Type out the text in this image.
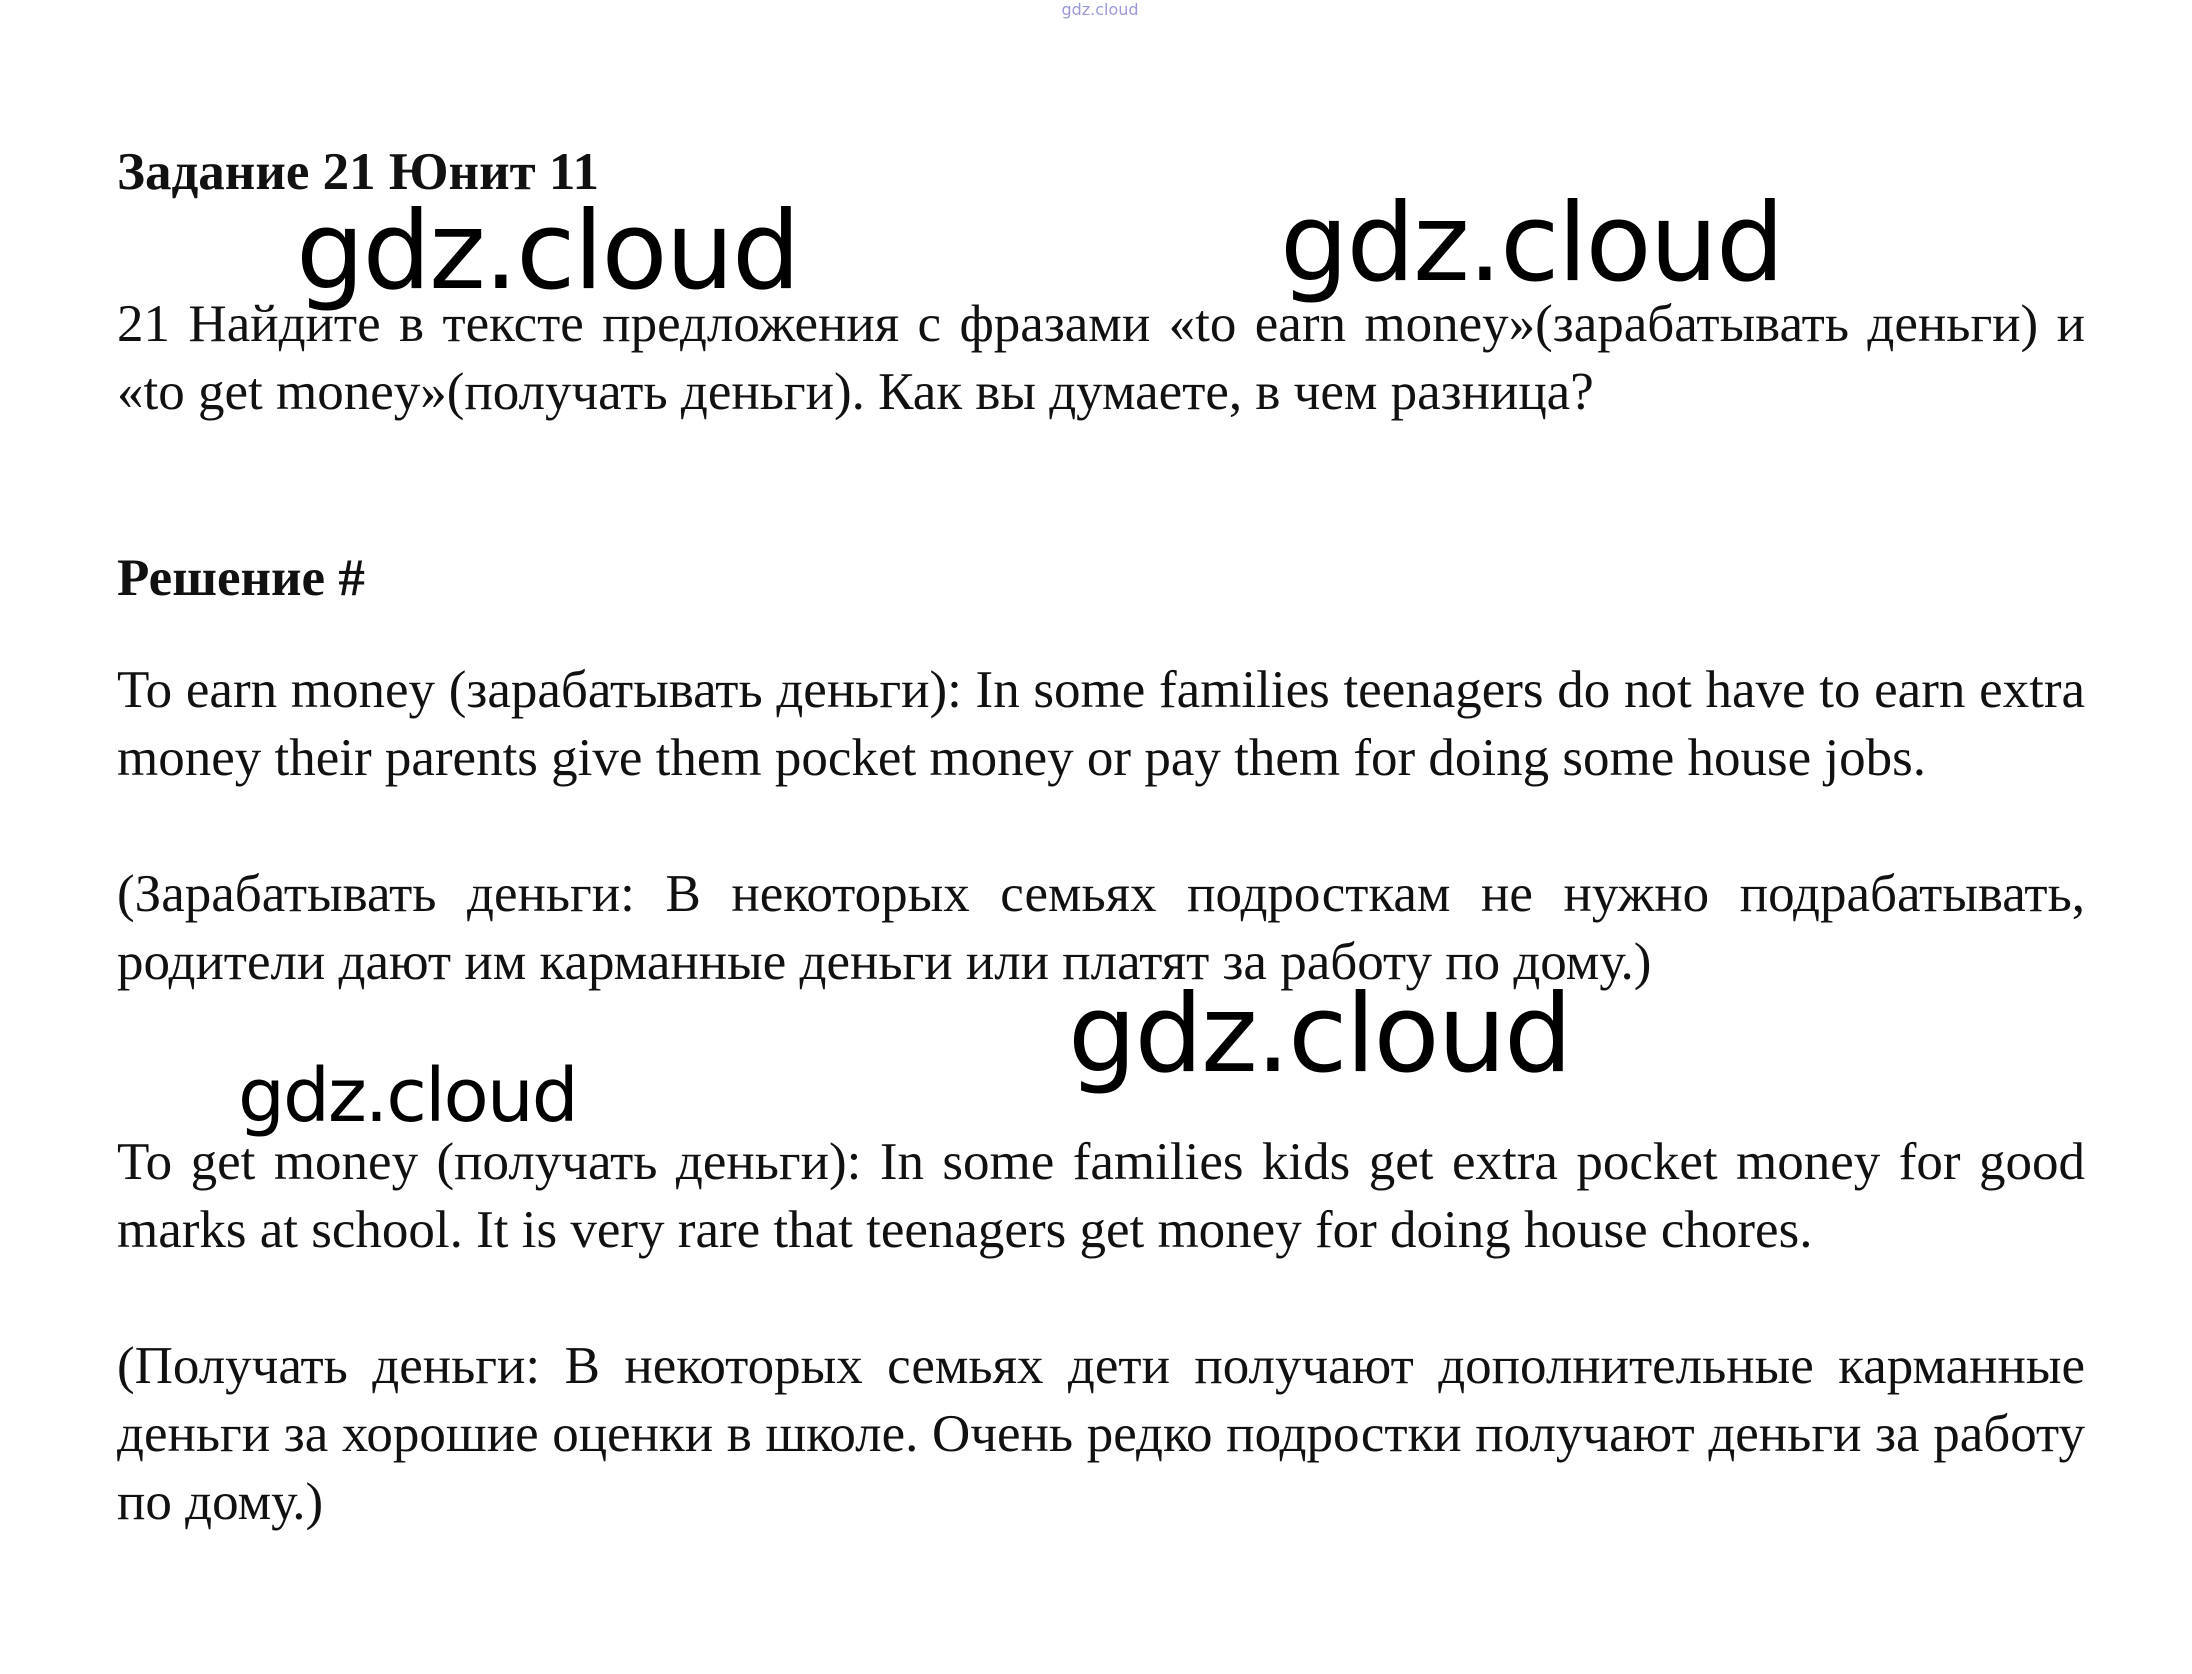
gdz.cloud
Задание 21 Юнит 11
gdz.cloud	gdz.cloud

21 Найдите в тексте предложения с фразами «to earn money»(зарабатывать деньги) и «to get money»(получать деньги). Как вы думаете, в чем разница?

Решение #

To earn money (зарабатывать деньги): In some families teenagers do not have to earn extra money their parents give them pocket money or pay them for doing some house jobs.

(Зарабатывать деньги: В некоторых семьях подросткам не нужно подрабатывать, родители дают им карманные деньги или платят за работу по дому.)

gdz.cloud
gdz.cloud

To get money (получать деньги): In some families kids get extra pocket money for good marks at school. It is very rare that teenagers get money for doing house chores.

(Получать деньги: В некоторых семьях дети получают дополнительные карманные деньги за хорошие оценки в школе. Очень редко подростки получают деньги за работу по дому.)
